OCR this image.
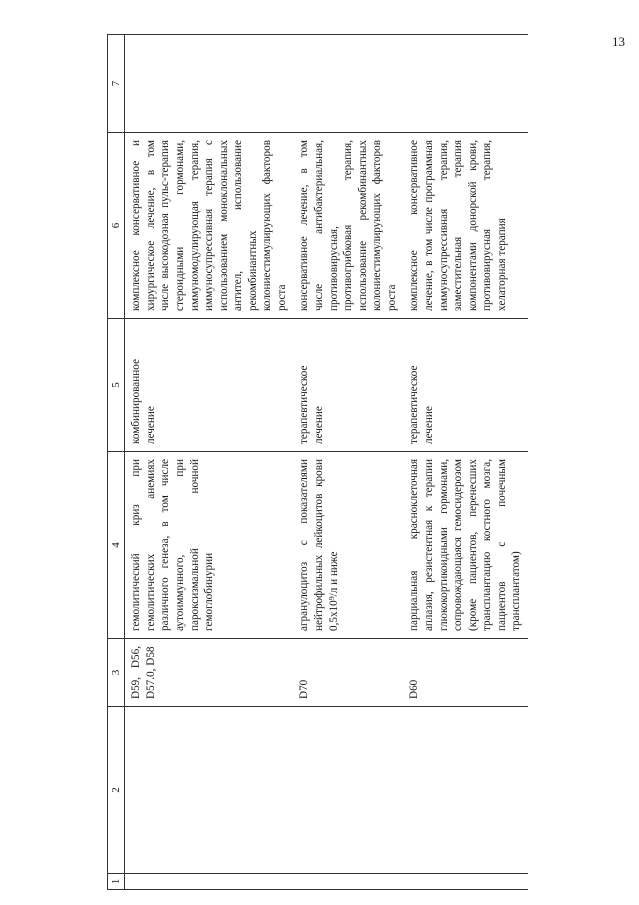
13
1	2	3	4	5	6	7
		D59, D56, D57.0, D58	гемолитический криз при гемолитических анемиях различного генеза, в том числе аутоиммунного, при пароксизмальной ночной гемоглобинурии	комбинированное лечение	комплексное консервативное и хирургическое лечение, в том числе высокодозная пульс-терапия стероидными гормонами, иммуномодулирующая терапия, иммуносупрессивная терапия с использованием моноклональных антител, использование рекомбинантных колониестимулирующих факторов роста	
		D70	агранулоцитоз с показателями нейтрофильных лейкоцитов крови 0,5x10⁹/л и ниже	терапевтическое лечение	консервативное лечение, в том числе антибактериальная, противовирусная, противогрибковая терапия, использование рекомбинантных колониестимулирующих факторов роста	
		D60	парциальная красноклеточная аплазия, резистентная к терапии глюкокортикоидными гормонами, сопровождающаяся гемосидерозом (кроме пациентов, перенесших трансплантацию костного мозга, пациентов с почечным трансплантатом)	терапевтическое лечение	комплексное консервативное лечение, в том числе программная иммуносупрессивная терапия, заместительная терапия компонентами донорской крови, противовирусная терапия, хелаторная терапия	
